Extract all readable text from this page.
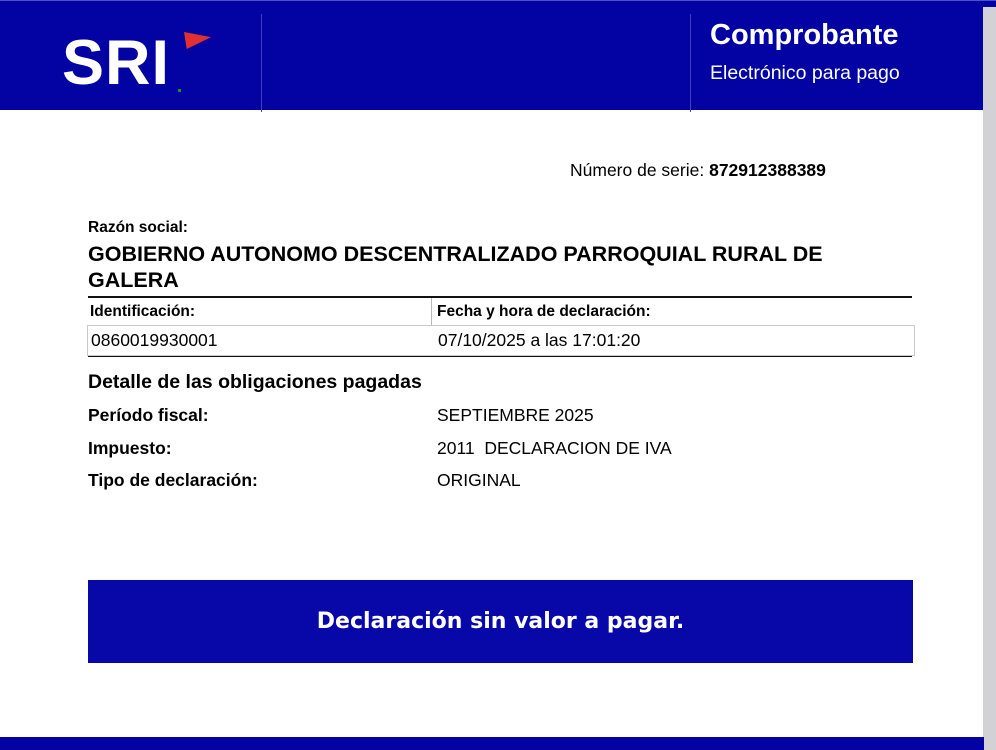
SRI	Comprobante
Electrónico para pago
Número de serie: 872912388389
Razón social:
GOBIERNO AUTONOMO DESCENTRALIZADO PARROQUIAL RURAL DE GALERA
Identificación:	Fecha y hora de declaración:
0860019930001	07/10/2025 a las 17:01:20
Detalle de las obligaciones pagadas
Período fiscal:	SEPTIEMBRE 2025
Impuesto:	2011  DECLARACION DE IVA
Tipo de declaración:	ORIGINAL
Declaración sin valor a pagar.
